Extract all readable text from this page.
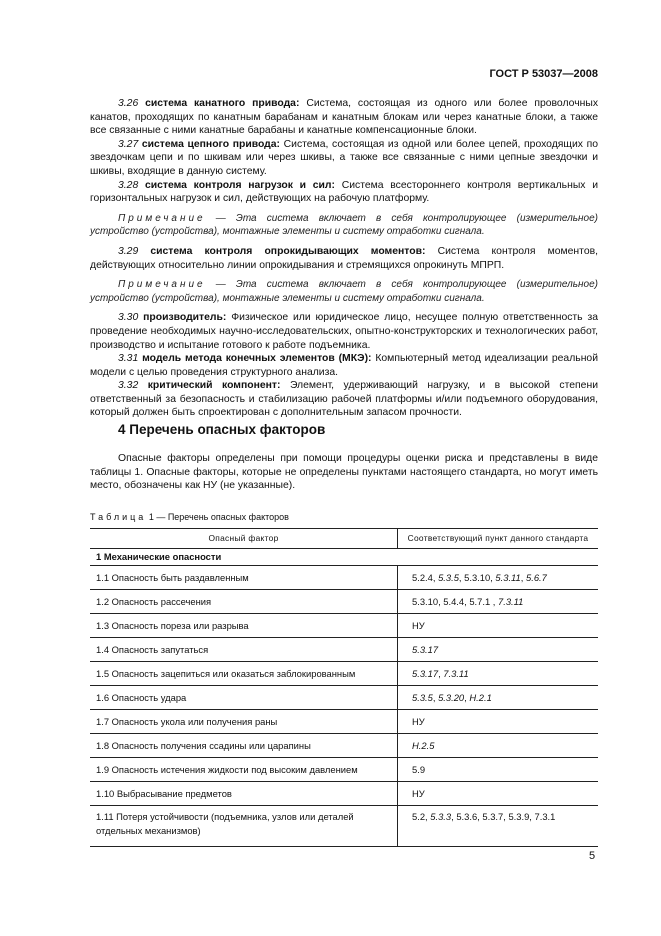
ГОСТ Р 53037—2008

3.26 система канатного привода: Система, состоящая из одного или более проволочных канатов, проходящих по канатным барабанам и канатным блокам или через канатные блоки, а также все связанные с ними канатные барабаны и канатные компенсационные блоки.

3.27 система цепного привода: Система, состоящая из одной или более цепей, проходящих по звездочкам цепи и по шкивам или через шкивы, а также все связанные с ними цепные звездочки и шкивы, входящие в данную систему.

3.28 система контроля нагрузок и сил: Система всестороннего контроля вертикальных и горизонтальных нагрузок и сил, действующих на рабочую платформу.

Примечание — Эта система включает в себя контролирующее (измерительное) устройство (устройства), монтажные элементы и систему отработки сигнала.

3.29 система контроля опрокидывающих моментов: Система контроля моментов, действующих относительно линии опрокидывания и стремящихся опрокинуть МПРП.

Примечание — Эта система включает в себя контролирующее (измерительное) устройство (устройства), монтажные элементы и систему отработки сигнала.

3.30 производитель: Физическое или юридическое лицо, несущее полную ответственность за проведение необходимых научно-исследовательских, опытно-конструкторских и технологических работ, производство и испытание готового к работе подъемника.

3.31 модель метода конечных элементов (МКЭ): Компьютерный метод идеализации реальной модели с целью проведения структурного анализа.

3.32 критический компонент: Элемент, удерживающий нагрузку, и в высокой степени ответственный за безопасность и стабилизацию рабочей платформы и/или подъемного оборудования, который должен быть спроектирован с дополнительным запасом прочности.

4 Перечень опасных факторов

Опасные факторы определены при помощи процедуры оценки риска и представлены в виде таблицы 1. Опасные факторы, которые не определены пунктами настоящего стандарта, но могут иметь место, обозначены как НУ (не указанные).

Таблица 1 — Перечень опасных факторов
Опасный фактор	Соответствующий пункт данного стандарта
1 Механические опасности	
1.1 Опасность быть раздавленным	5.2.4, 5.3.5, 5.3.10, 5.3.11, 5.6.7
1.2 Опасность рассечения	5.3.10, 5.4.4, 5.7.1 , 7.3.11
1.3 Опасность пореза или разрыва	НУ
1.4 Опасность запутаться	5.3.17
1.5 Опасность зацепиться или оказаться заблокированным	5.3.17, 7.3.11
1.6 Опасность удара	5.3.5, 5.3.20, H.2.1
1.7 Опасность укола или получения раны	НУ
1.8 Опасность получения ссадины или царапины	H.2.5
1.9 Опасность истечения жидкости под высоким давлением	5.9
1.10 Выбрасывание предметов	НУ
1.11 Потеря устойчивости (подъемника, узлов или деталей отдельных механизмов)	5.2, 5.3.3, 5.3.6, 5.3.7, 5.3.9, 7.3.1
5
